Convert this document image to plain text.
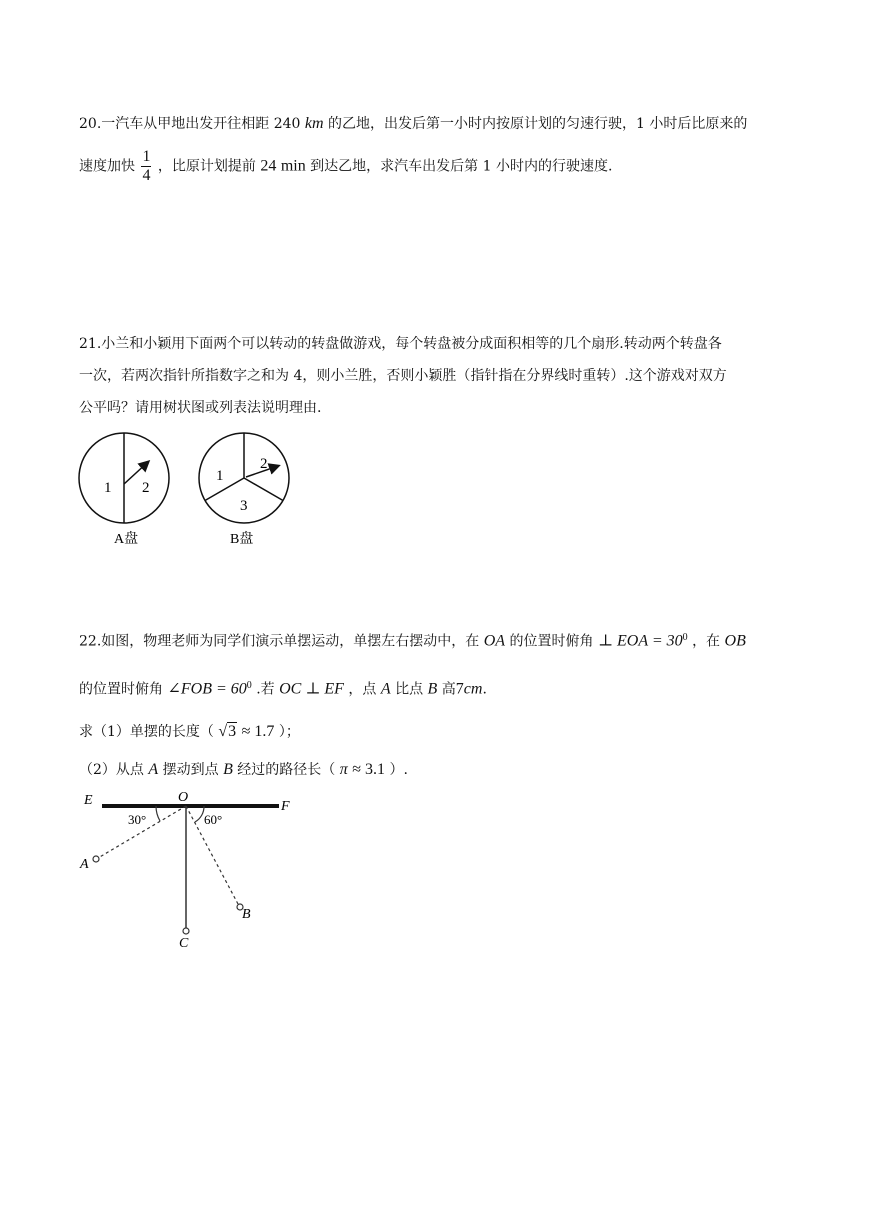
20.一汽车从甲地出发开往相距 240 km 的乙地，出发后第一小时内按原计划的匀速行驶，1 小时后比原来的
速度加快 $\frac{1}{4}$ ，比原计划提前 24 min 到达乙地，求汽车出发后第 1 小时内的行驶速度.
21.小兰和小颖用下面两个可以转动的转盘做游戏，每个转盘被分成面积相等的几个扇形.转动两个转盘各
一次，若两次指针所指数字之和为 4，则小兰胜，否则小颖胜（指针指在分界线时重转）.这个游戏对双方
公平吗？请用树状图或列表法说明理由.
1 2
A盘
1
2
3
B盘
22.如图，物理老师为同学们演示单摆运动，单摆左右摆动中，在 OA 的位置时俯角 ⊥ EOA = $30^0$ ，在 OB
的位置时俯角 ∠FOB = $60^0$ .若 OC ⊥ EF ，点 A 比点 B 高7cm.
求（1）单摆的长度（ √3 ≈ 1.7 ）；
（2）从点 A 摆动到点 B 经过的路径长（ π ≈ 3.1 ）.
E	O
F
A
B
C
30°	60°
